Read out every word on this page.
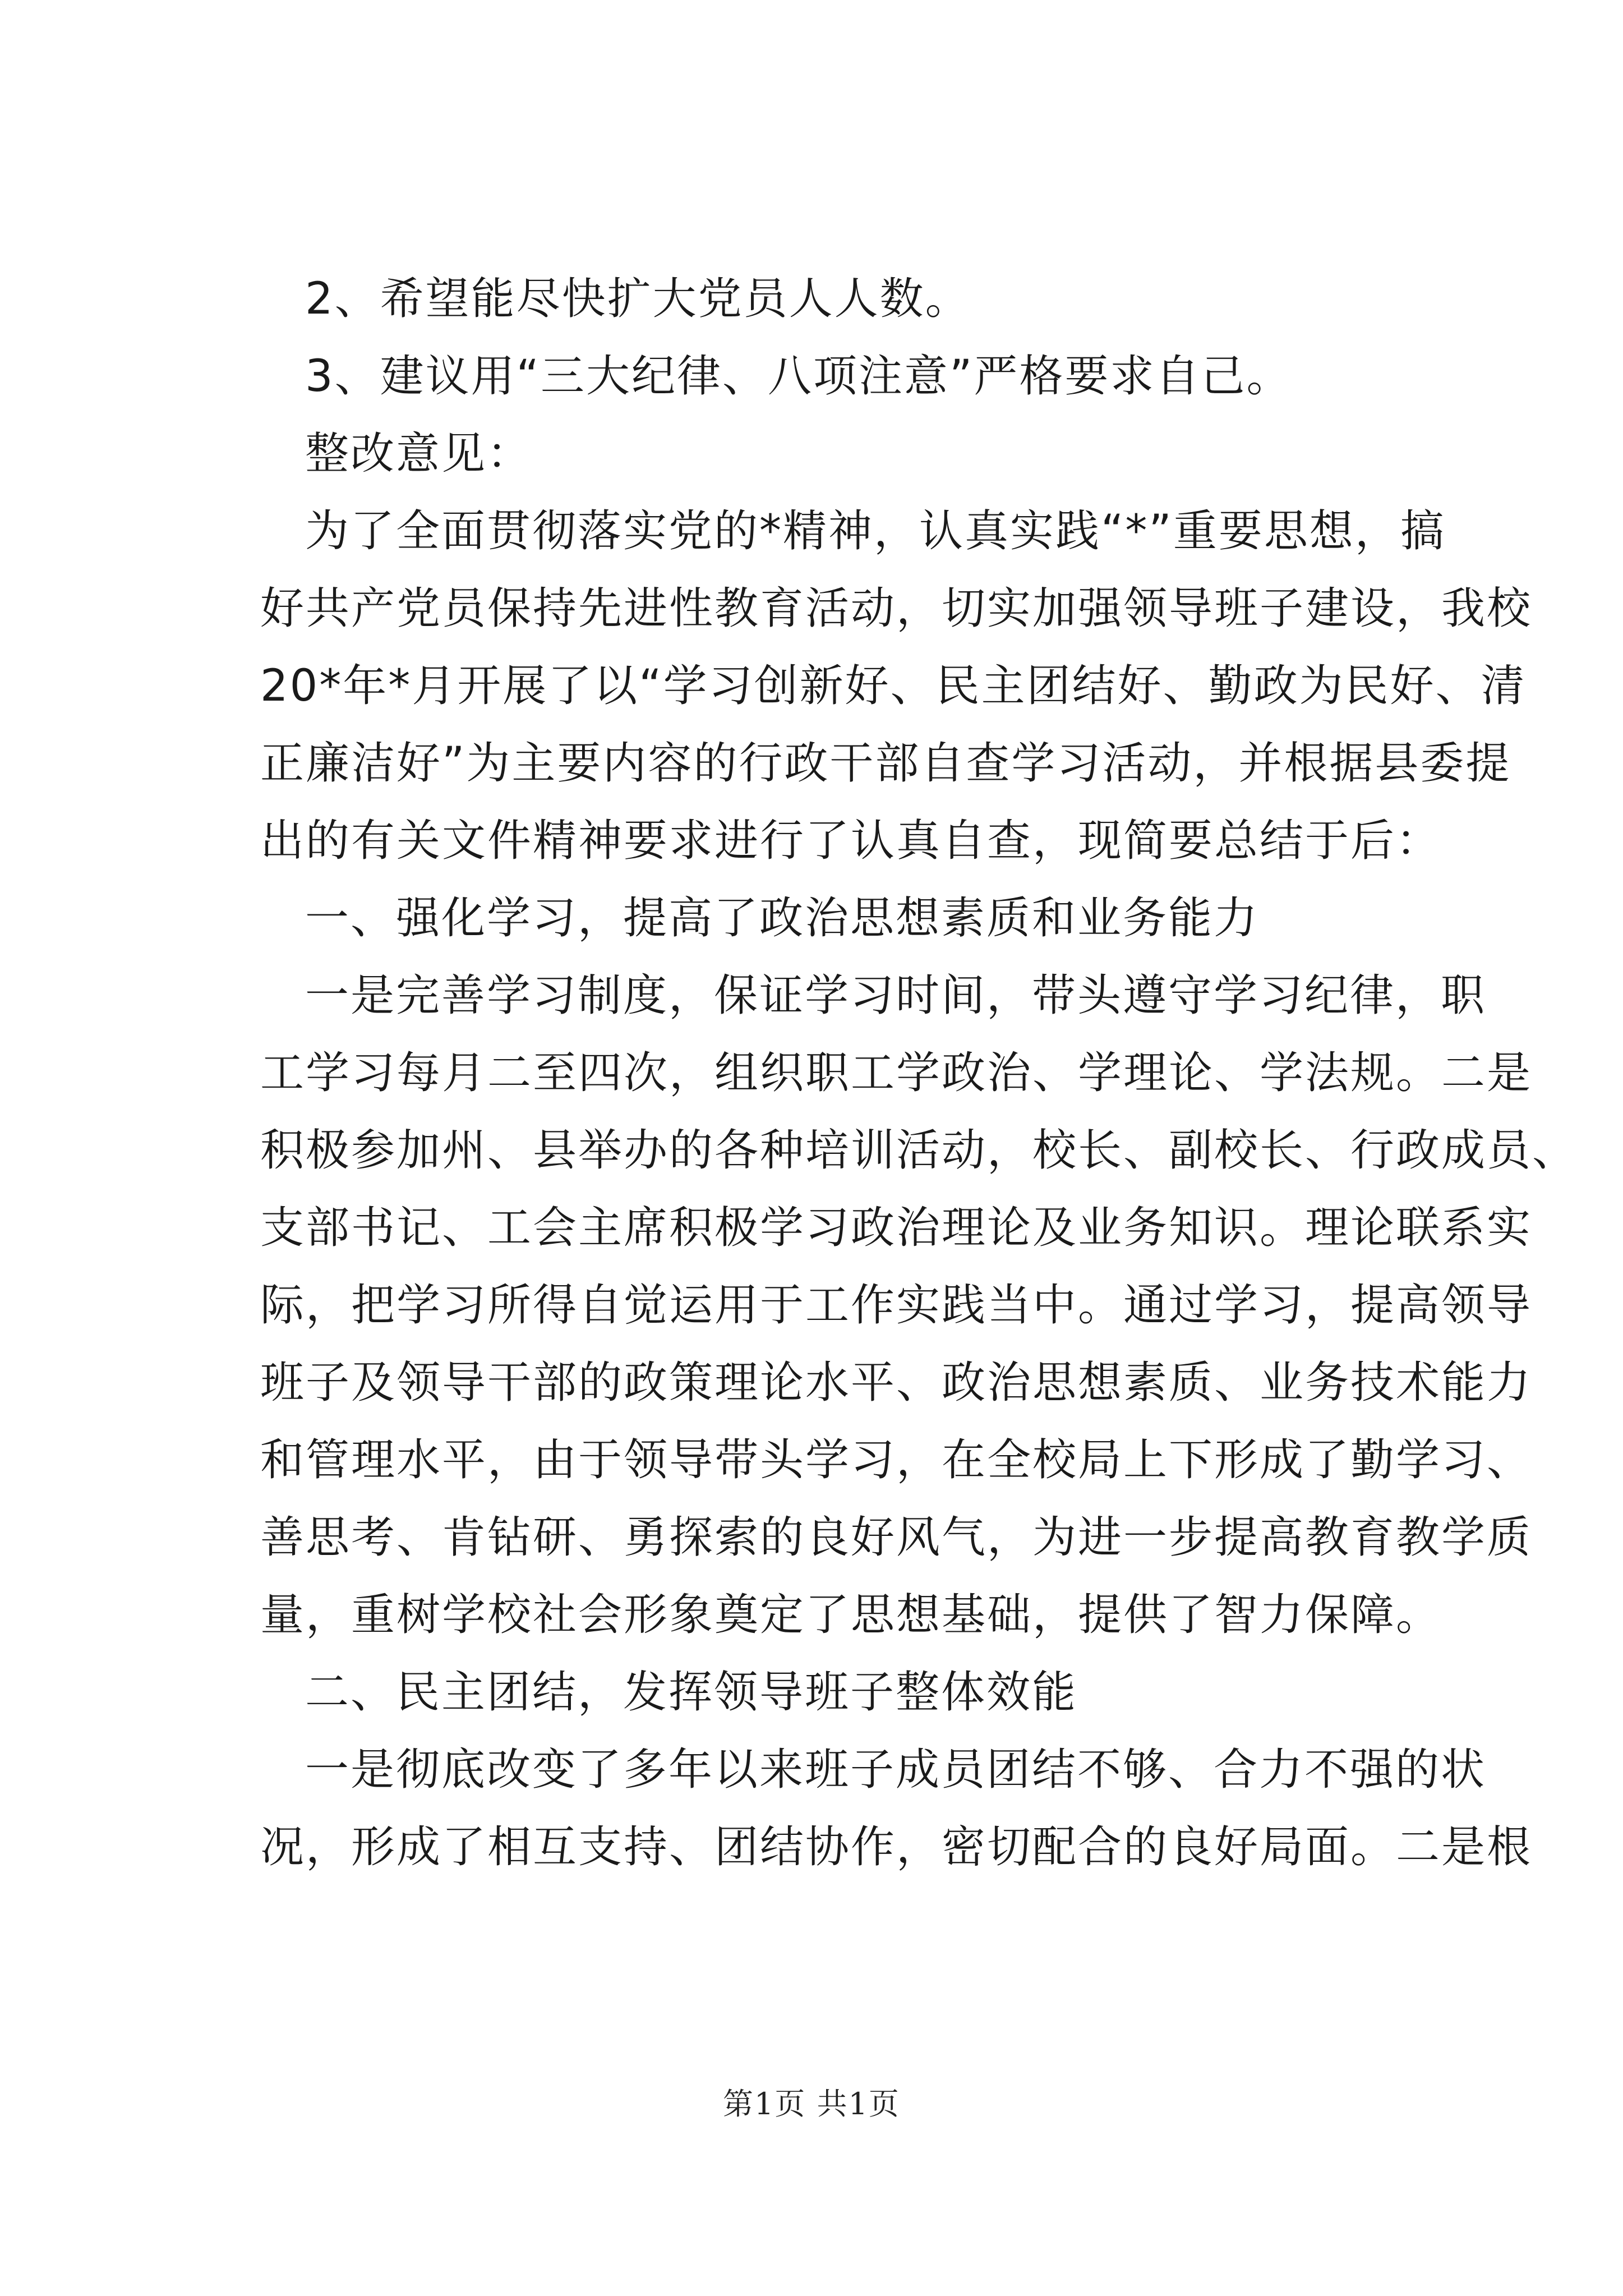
2、希望能尽快扩大党员人人数。
3、建议用“三大纪律、八项注意”严格要求自己。
整改意见：
为了全面贯彻落实党的*精神，认真实践“*”重要思想，搞
好共产党员保持先进性教育活动，切实加强领导班子建设，我校
20*年*月开展了以“学习创新好、民主团结好、勤政为民好、清
正廉洁好”为主要内容的行政干部自查学习活动，并根据县委提
出的有关文件精神要求进行了认真自查，现简要总结于后：
一、强化学习，提高了政治思想素质和业务能力
一是完善学习制度，保证学习时间，带头遵守学习纪律，职
工学习每月二至四次，组织职工学政治、学理论、学法规。二是
积极参加州、县举办的各种培训活动，校长、副校长、行政成员、
支部书记、工会主席积极学习政治理论及业务知识。理论联系实
际，把学习所得自觉运用于工作实践当中。通过学习，提高领导
班子及领导干部的政策理论水平、政治思想素质、业务技术能力
和管理水平，由于领导带头学习，在全校局上下形成了勤学习、
善思考、肯钻研、勇探索的良好风气，为进一步提高教育教学质
量，重树学校社会形象奠定了思想基础，提供了智力保障。
二、民主团结，发挥领导班子整体效能
一是彻底改变了多年以来班子成员团结不够、合力不强的状
况，形成了相互支持、团结协作，密切配合的良好局面。二是根
第1页 共1页
